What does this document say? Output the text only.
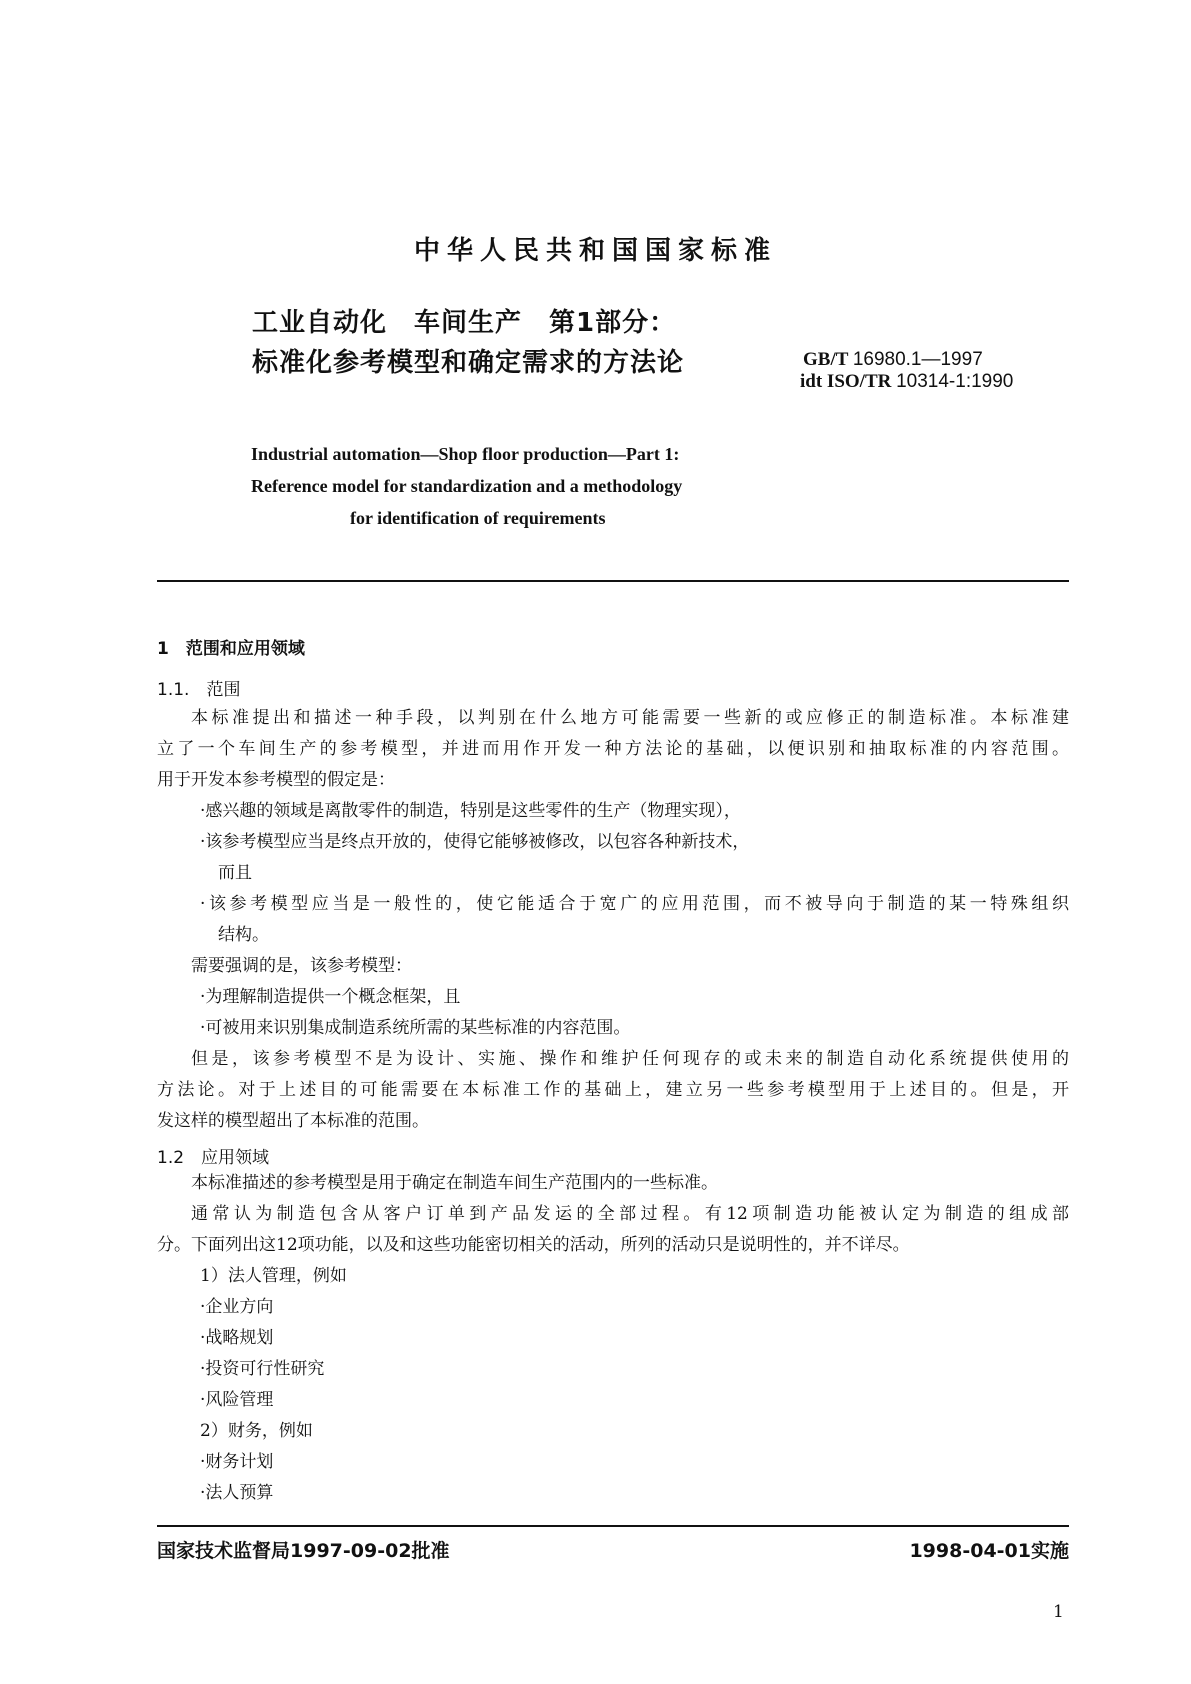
中华人民共和国国家标准
工业自动化　车间生产　第1部分：
标准化参考模型和确定需求的方法论	GB/T 16980.1—1997
idt ISO/TR 10314-1:1990
Industrial automation—Shop floor production—Part 1:
Reference model for standardization and a methodology
for identification of requirements
1　范围和应用领域
1.1.　范围
本标准提出和描述一种手段，以判别在什么地方可能需要一些新的或应修正的制造标准。本标准建
立了一个车间生产的参考模型，并进而用作开发一种方法论的基础，以便识别和抽取标准的内容范围。
用于开发本参考模型的假定是：
·感兴趣的领域是离散零件的制造，特别是这些零件的生产（物理实现），
·该参考模型应当是终点开放的，使得它能够被修改，以包容各种新技术，
而且
·该参考模型应当是一般性的，使它能适合于宽广的应用范围，而不被导向于制造的某一特殊组织
结构。
需要强调的是，该参考模型：
·为理解制造提供一个概念框架，且
·可被用来识别集成制造系统所需的某些标准的内容范围。
但是，该参考模型不是为设计、实施、操作和维护任何现存的或未来的制造自动化系统提供使用的
方法论。对于上述目的可能需要在本标准工作的基础上，建立另一些参考模型用于上述目的。但是，开
发这样的模型超出了本标准的范围。
1.2　应用领域
本标准描述的参考模型是用于确定在制造车间生产范围内的一些标准。
通常认为制造包含从客户订单到产品发运的全部过程。有12项制造功能被认定为制造的组成部
分。下面列出这12项功能，以及和这些功能密切相关的活动，所列的活动只是说明性的，并不详尽。
1）法人管理，例如
·企业方向
·战略规划
·投资可行性研究
·风险管理
2）财务，例如
·财务计划
·法人预算
国家技术监督局1997-09-02批准	1998-04-01实施
1
